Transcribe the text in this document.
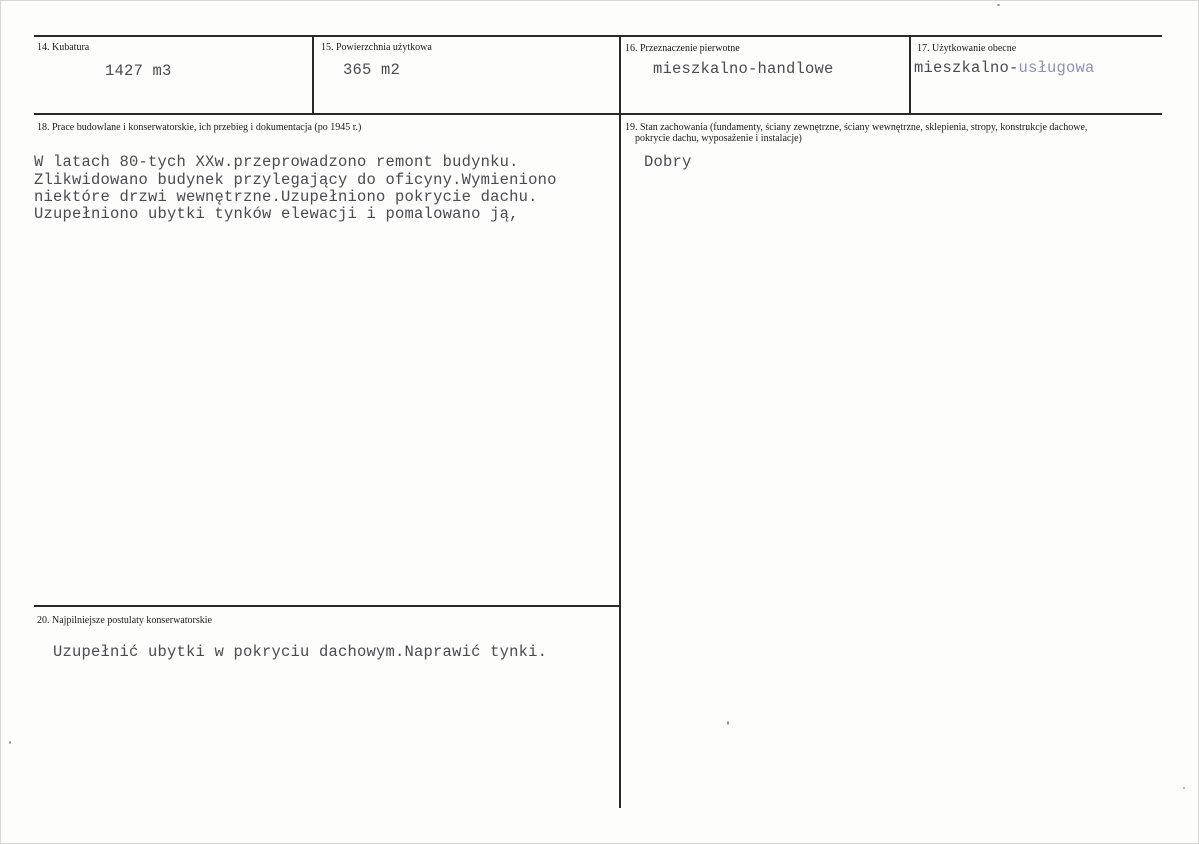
14. Kubatura
1427 m3
15. Powierzchnia użytkowa
365 m2
16. Przeznaczenie pierwotne
mieszkalno-handlowe
17. Użytkowanie obecne
mieszkalno-usługowa
18. Prace budowlane i konserwatorskie, ich przebieg i dokumentacja (po 1945 r.)
W latach 80-tych XXw.przeprowadzono remont budynku.
Zlikwidowano budynek przylegający do oficyny.Wymieniono
niektóre drzwi wewnętrzne.Uzupełniono pokrycie dachu.
Uzupełniono ubytki tynków elewacji i pomalowano ją,
19. Stan zachowania (fundamenty, ściany zewnętrzne, ściany wewnętrzne, sklepienia, stropy, konstrukcje dachowe,
pokrycie dachu, wyposażenie i instalacje)
Dobry
20. Najpilniejsze postulaty konserwatorskie
Uzupełnić ubytki w pokryciu dachowym.Naprawić tynki.
